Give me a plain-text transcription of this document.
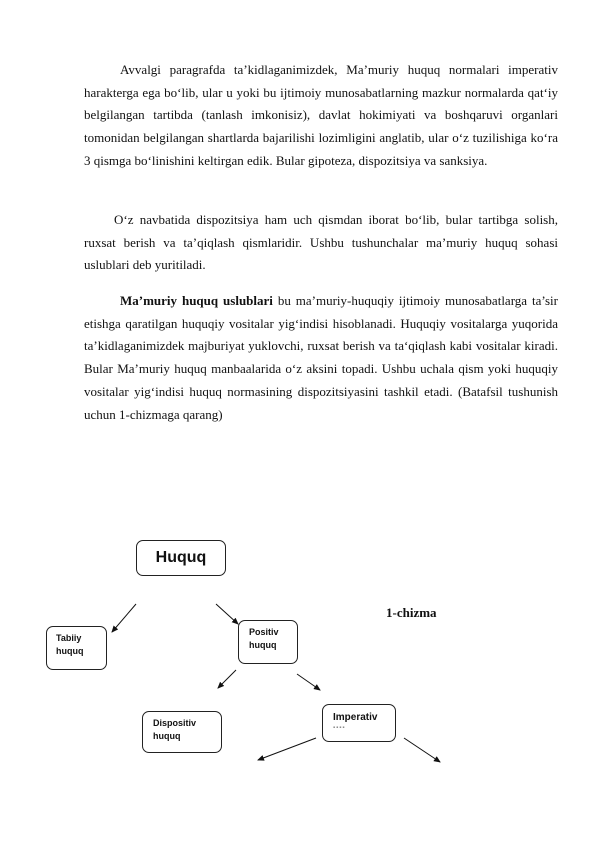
Avvalgi paragrafda ta’kidlaganimizdek, Ma’muriy huquq normalari imperativ harakterga ega bo‘lib, ular u yoki bu ijtimoiy munosabatlarning mazkur normalarda qat‘iy belgilangan tartibda (tanlash imkonisiz), davlat hokimiyati va boshqaruvi organlari tomonidan belgilangan shartlarda bajarilishi lozimligini anglatib, ular o‘z tuzilishiga ko‘ra 3 qismga bo‘linishini keltirgan edik. Bular gipoteza, dispozitsiya va sanksiya.

O‘z navbatida dispozitsiya ham uch qismdan iborat bo‘lib, bular tartibga solish, ruxsat berish va ta’qiqlash qismlaridir. Ushbu tushunchalar ma’muriy huquq sohasi uslublari deb yuritiladi.

Ma’muriy huquq uslublari bu ma’muriy-huquqiy ijtimoiy munosabatlarga ta’sir etishga qaratilgan huquqiy vositalar yig‘indisi hisoblanadi. Huquqiy vositalarga yuqorida ta’kidlaganimizdek majburiyat yuklovchi, ruxsat berish va ta‘qiqlash kabi vositalar kiradi. Bular Ma’muriy huquq manbaalarida o‘z aksini topadi. Ushbu uchala qism yoki huquqiy vositalar yig‘indisi huquq normasining dispozitsiyasini tashkil etadi. (Batafsil tushunish uchun 1-chizmaga qarang)

1-chizma
Huquq
Tabiiy
huquq
Positiv
huquq
Dispositiv
huquq
Imperativ
▪▪▪▪
